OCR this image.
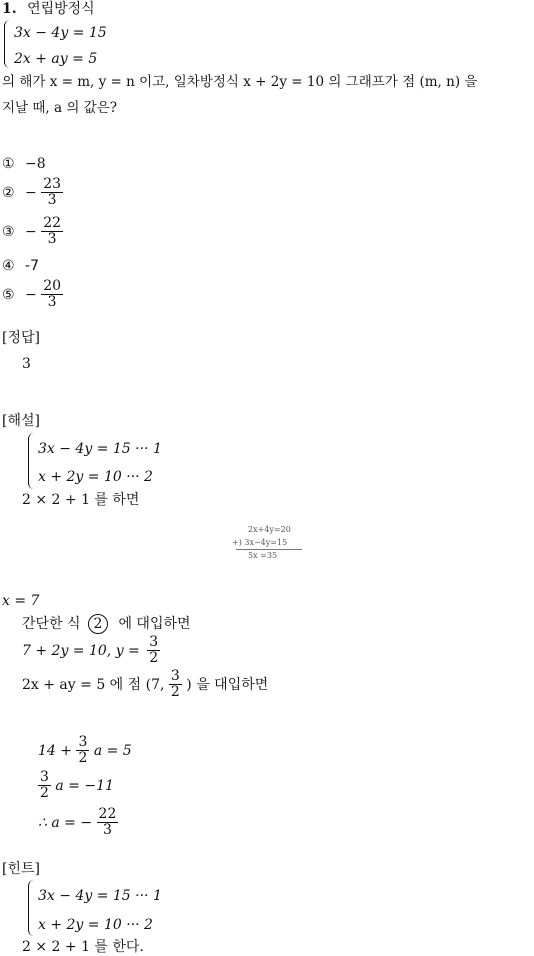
1. 연립방정식
3x − 4y = 15
2x + ay = 5
의 해가 x = m, y = n 이고, 일차방정식 x + 2y = 10 의 그래프가 점 (m, n) 을
지날 때, a 의 값은?
① −8
② − $\frac{23}{3}$
③ − $\frac{22}{3}$
④ -7
⑤ − $\frac{20}{3}$
[정답]
3
[해설]
3x − 4y = 15 ··· 1
x + 2y = 10 ··· 2
2 × 2 + 1 를 하면
2x+4y=20
+) 3x−4y=15
5x =35
x = 7
간단한 식 2 에 대입하면
7 + 2y = 10, $y = \frac{3}{2}$
2x + ay = 5 에 점 (7, $\frac{3}{2}$ ) 을 대입하면
$14 + \frac{3}{2}$ a = 5
$\frac{3}{2}$ a = −11
∴ a = − $\frac{22}{3}$
[힌트]
3x − 4y = 15 ··· 1
x + 2y = 10 ··· 2
2 × 2 + 1 를 한다.
